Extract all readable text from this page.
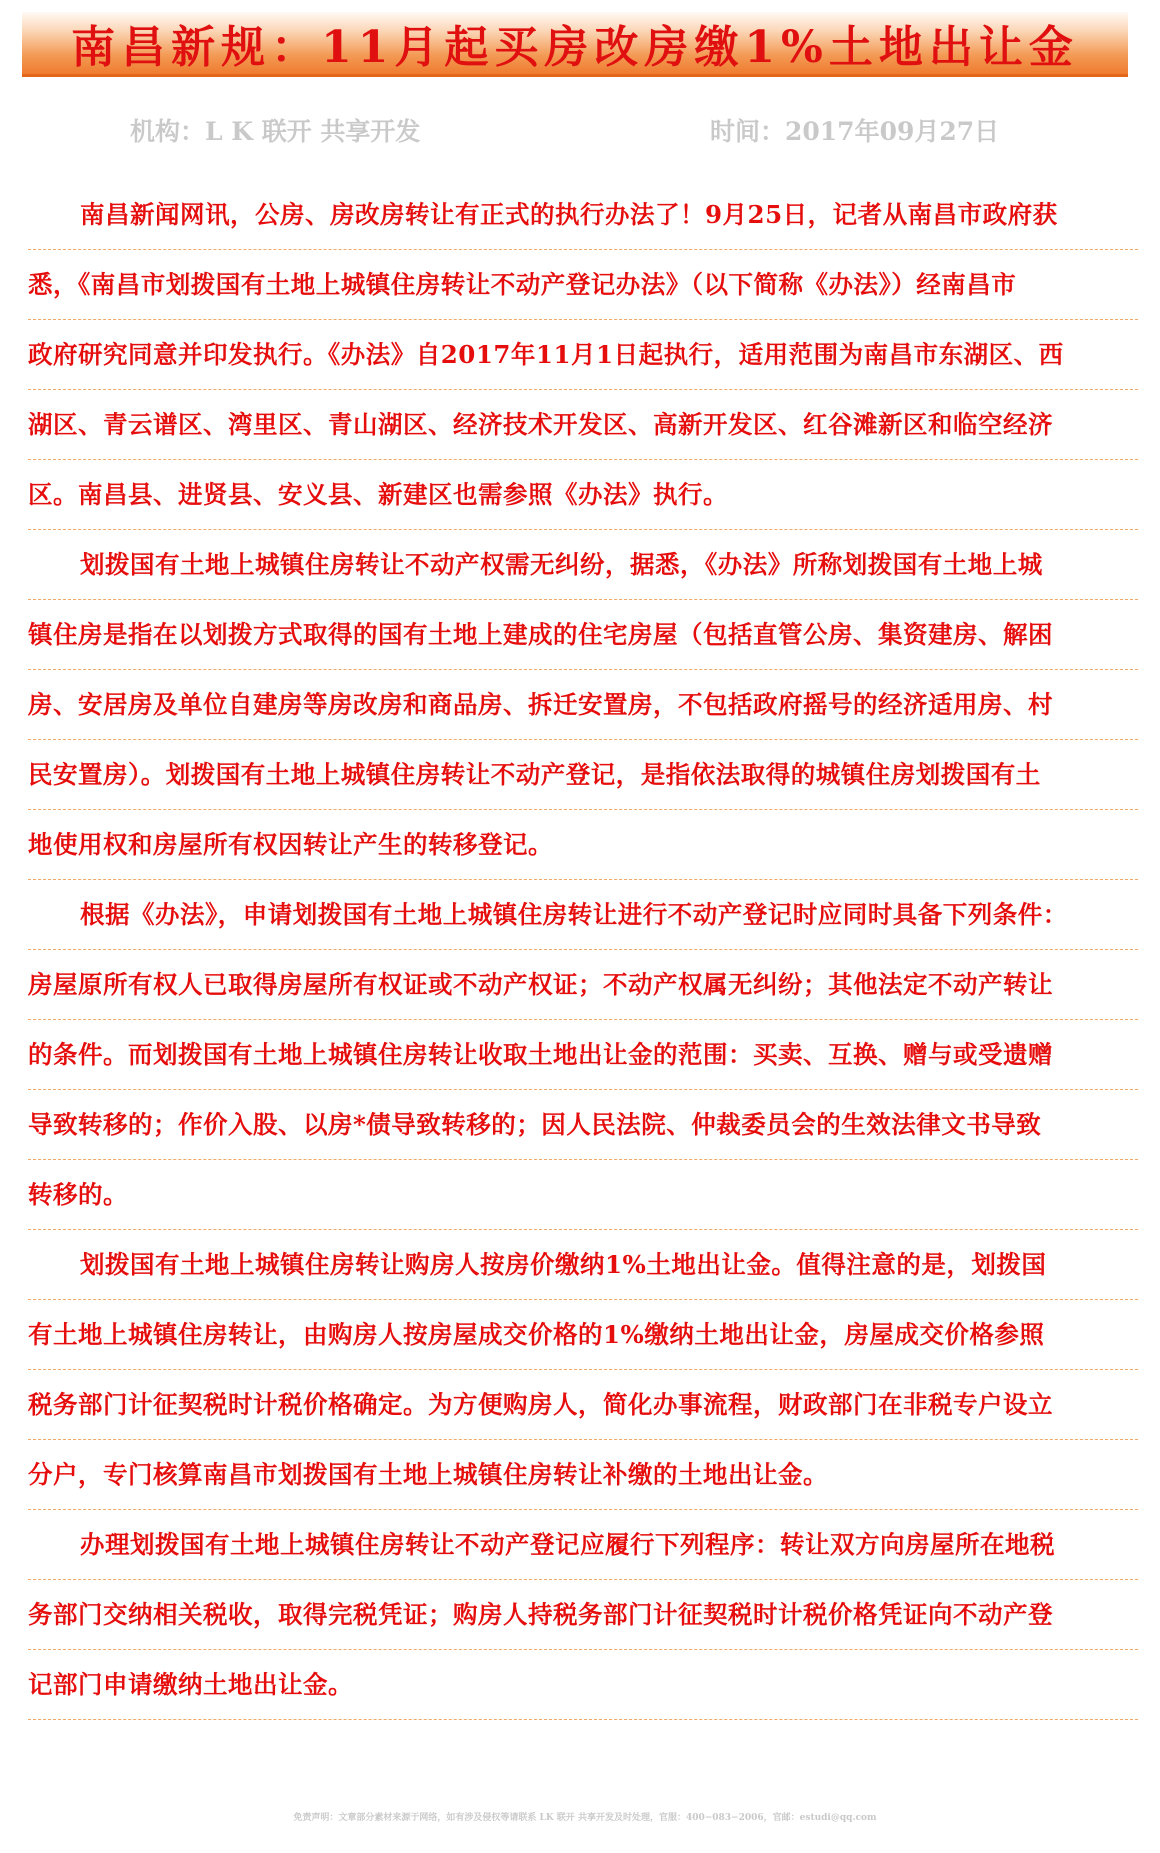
南昌新规：11月起买房改房缴1%土地出让金
机构：L K 联开 共享开发	时间：2017年09月27日
南昌新闻网讯，公房、房改房转让有正式的执行办法了！9月25日，记者从南昌市政府获
悉，《南昌市划拨国有土地上城镇住房转让不动产登记办法》（以下简称《办法》）经南昌市
政府研究同意并印发执行。《办法》自2017年11月1日起执行，适用范围为南昌市东湖区、西
湖区、青云谱区、湾里区、青山湖区、经济技术开发区、高新开发区、红谷滩新区和临空经济
区。南昌县、进贤县、安义县、新建区也需参照《办法》执行。
划拨国有土地上城镇住房转让不动产权需无纠纷，据悉，《办法》所称划拨国有土地上城
镇住房是指在以划拨方式取得的国有土地上建成的住宅房屋（包括直管公房、集资建房、解困
房、安居房及单位自建房等房改房和商品房、拆迁安置房，不包括政府摇号的经济适用房、村
民安置房）。划拨国有土地上城镇住房转让不动产登记，是指依法取得的城镇住房划拨国有土
地使用权和房屋所有权因转让产生的转移登记。
根据《办法》，申请划拨国有土地上城镇住房转让进行不动产登记时应同时具备下列条件：
房屋原所有权人已取得房屋所有权证或不动产权证；不动产权属无纠纷；其他法定不动产转让
的条件。而划拨国有土地上城镇住房转让收取土地出让金的范围：买卖、互换、赠与或受遗赠
导致转移的；作价入股、以房*债导致转移的；因人民法院、仲裁委员会的生效法律文书导致
转移的。
划拨国有土地上城镇住房转让购房人按房价缴纳1%土地出让金。值得注意的是，划拨国
有土地上城镇住房转让，由购房人按房屋成交价格的1%缴纳土地出让金，房屋成交价格参照
税务部门计征契税时计税价格确定。为方便购房人，简化办事流程，财政部门在非税专户设立
分户，专门核算南昌市划拨国有土地上城镇住房转让补缴的土地出让金。
办理划拨国有土地上城镇住房转让不动产登记应履行下列程序：转让双方向房屋所在地税
务部门交纳相关税收，取得完税凭证；购房人持税务部门计征契税时计税价格凭证向不动产登
记部门申请缴纳土地出让金。
免责声明：文章部分素材来源于网络，如有涉及侵权等请联系 LK 联开 共享开发及时处理，官服：400−083−2006，官邮：estudi@qq.com
